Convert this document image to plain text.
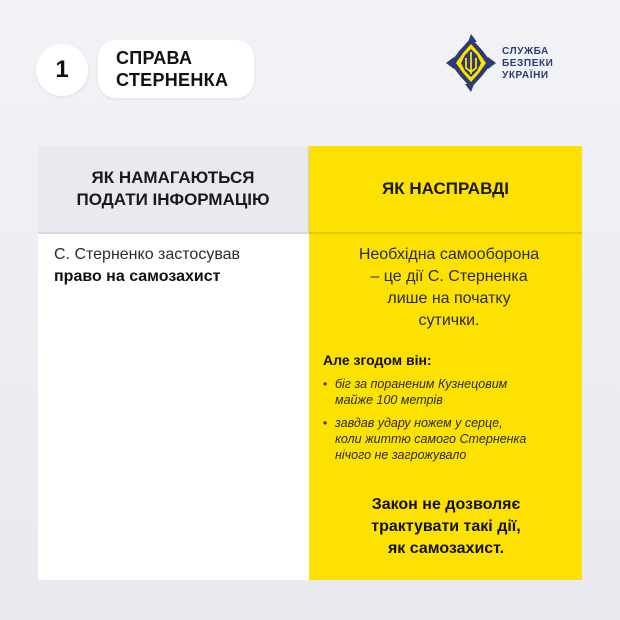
1	СПРАВА
СТЕРНЕНКА
СЛУЖБА
БЕЗПЕКИ
УКРАЇНИ
ЯК НАМАГАЮТЬСЯ
ПОДАТИ ІНФОРМАЦІЮ
С. Стерненко застосував
право на самозахист
ЯК НАСПРАВДІ
Необхідна самооборона
– це дії С. Стерненка
лише на початку
сутички.
Але згодом він:
• біг за пораненим Кузнецовим
майже 100 метрів
• завдав удару ножем у серце,
коли життю самого Стерненка
нічого не загрожувало
Закон не дозволяє
трактувати такі дії,
як самозахист.
